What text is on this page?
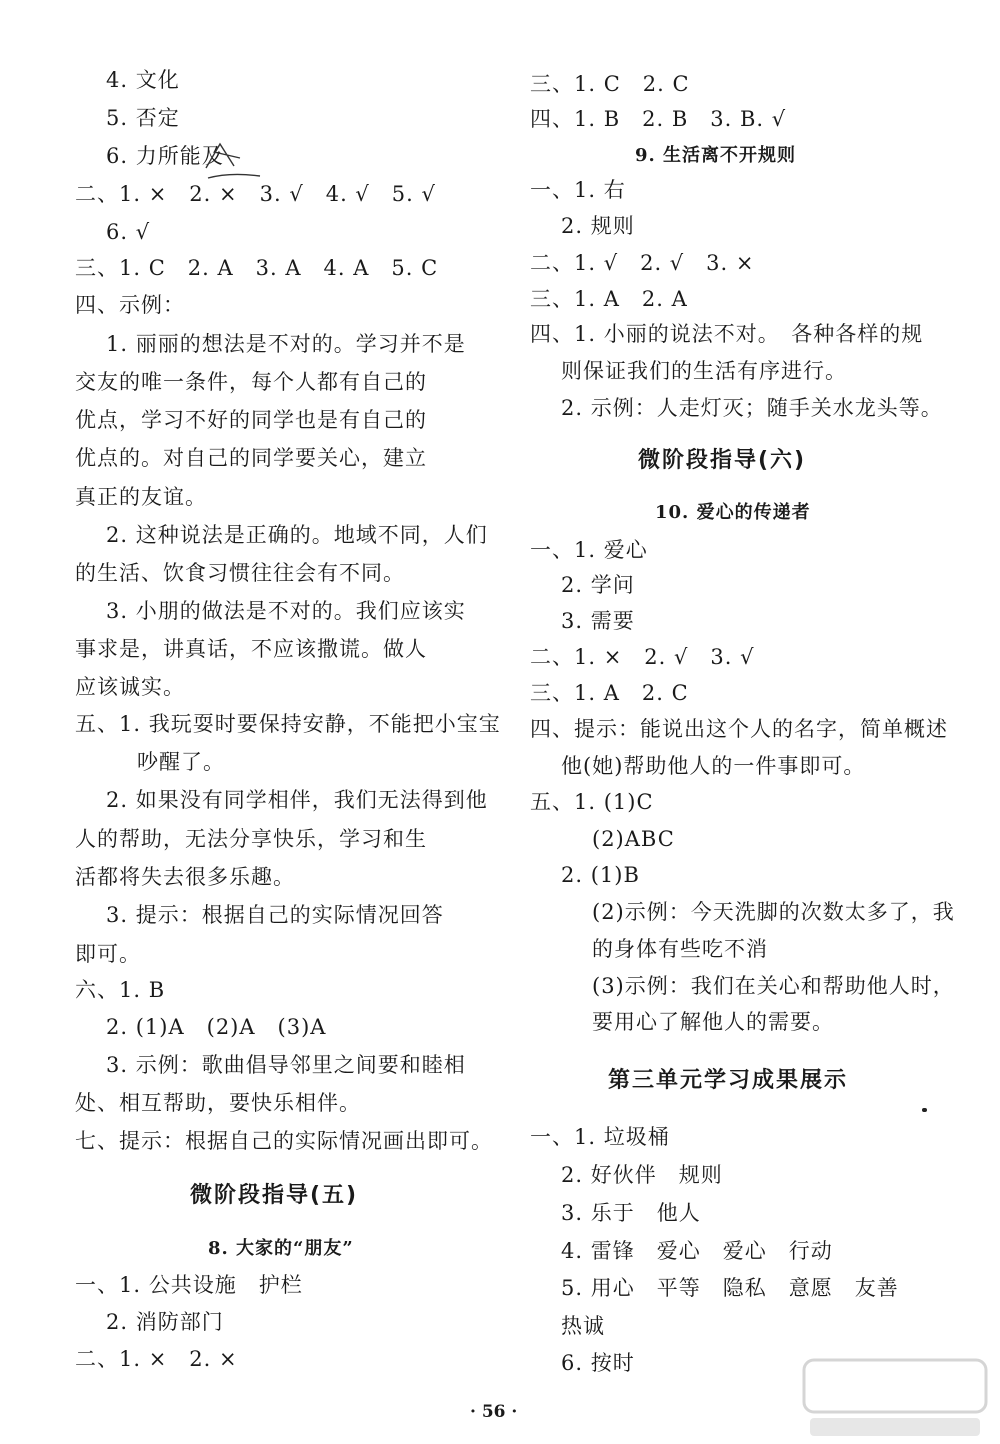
4. 文化
5. 否定
6. 力所能及
二、1. ×　2. ×　3. √　4. √　5. √
6. √
三、1. C　2. A　3. A　4. A　5. C
四、示例：
1. 丽丽的想法是不对的。学习并不是
交友的唯一条件，每个人都有自己的
优点，学习不好的同学也是有自己的
优点的。对自己的同学要关心，建立
真正的友谊。
2. 这种说法是正确的。地域不同，人们
的生活、饮食习惯往往会有不同。
3. 小朋的做法是不对的。我们应该实
事求是，讲真话，不应该撒谎。做人
应该诚实。
五、1. 我玩耍时要保持安静，不能把小宝宝
吵醒了。
2. 如果没有同学相伴，我们无法得到他
人的帮助，无法分享快乐，学习和生
活都将失去很多乐趣。
3. 提示：根据自己的实际情况回答
即可。
六、1. B
2. (1)A　(2)A　(3)A
3. 示例：歌曲倡导邻里之间要和睦相
处、相互帮助，要快乐相伴。
七、提示：根据自己的实际情况画出即可。
微阶段指导(五)
8. 大家的“朋友”
一、1. 公共设施　护栏
2. 消防部门
二、1. ×　2. ×
三、1. C　2. C
四、1. B　2. B　3. B. √
9. 生活离不开规则
一、1. 右
2. 规则
二、1. √　2. √　3. ×
三、1. A　2. A
四、1. 小丽的说法不对。　各种各样的规
则保证我们的生活有序进行。
2. 示例：人走灯灭；随手关水龙头等。
微阶段指导(六)
10. 爱心的传递者
一、1. 爱心
2. 学问
3. 需要
二、1. ×　2. √　3. √
三、1. A　2. C
四、提示：能说出这个人的名字，简单概述
他(她)帮助他人的一件事即可。
五、1. (1)C
(2)ABC
2. (1)B
(2)示例：今天洗脚的次数太多了，我
的身体有些吃不消
(3)示例：我们在关心和帮助他人时，
要用心了解他人的需要。
第三单元学习成果展示
一、1. 垃圾桶
2. 好伙伴　规则
3. 乐于　他人
4. 雷锋　爱心　爱心　行动
5. 用心　平等　隐私　意愿　友善
热诚
6. 按时
· 56 ·
